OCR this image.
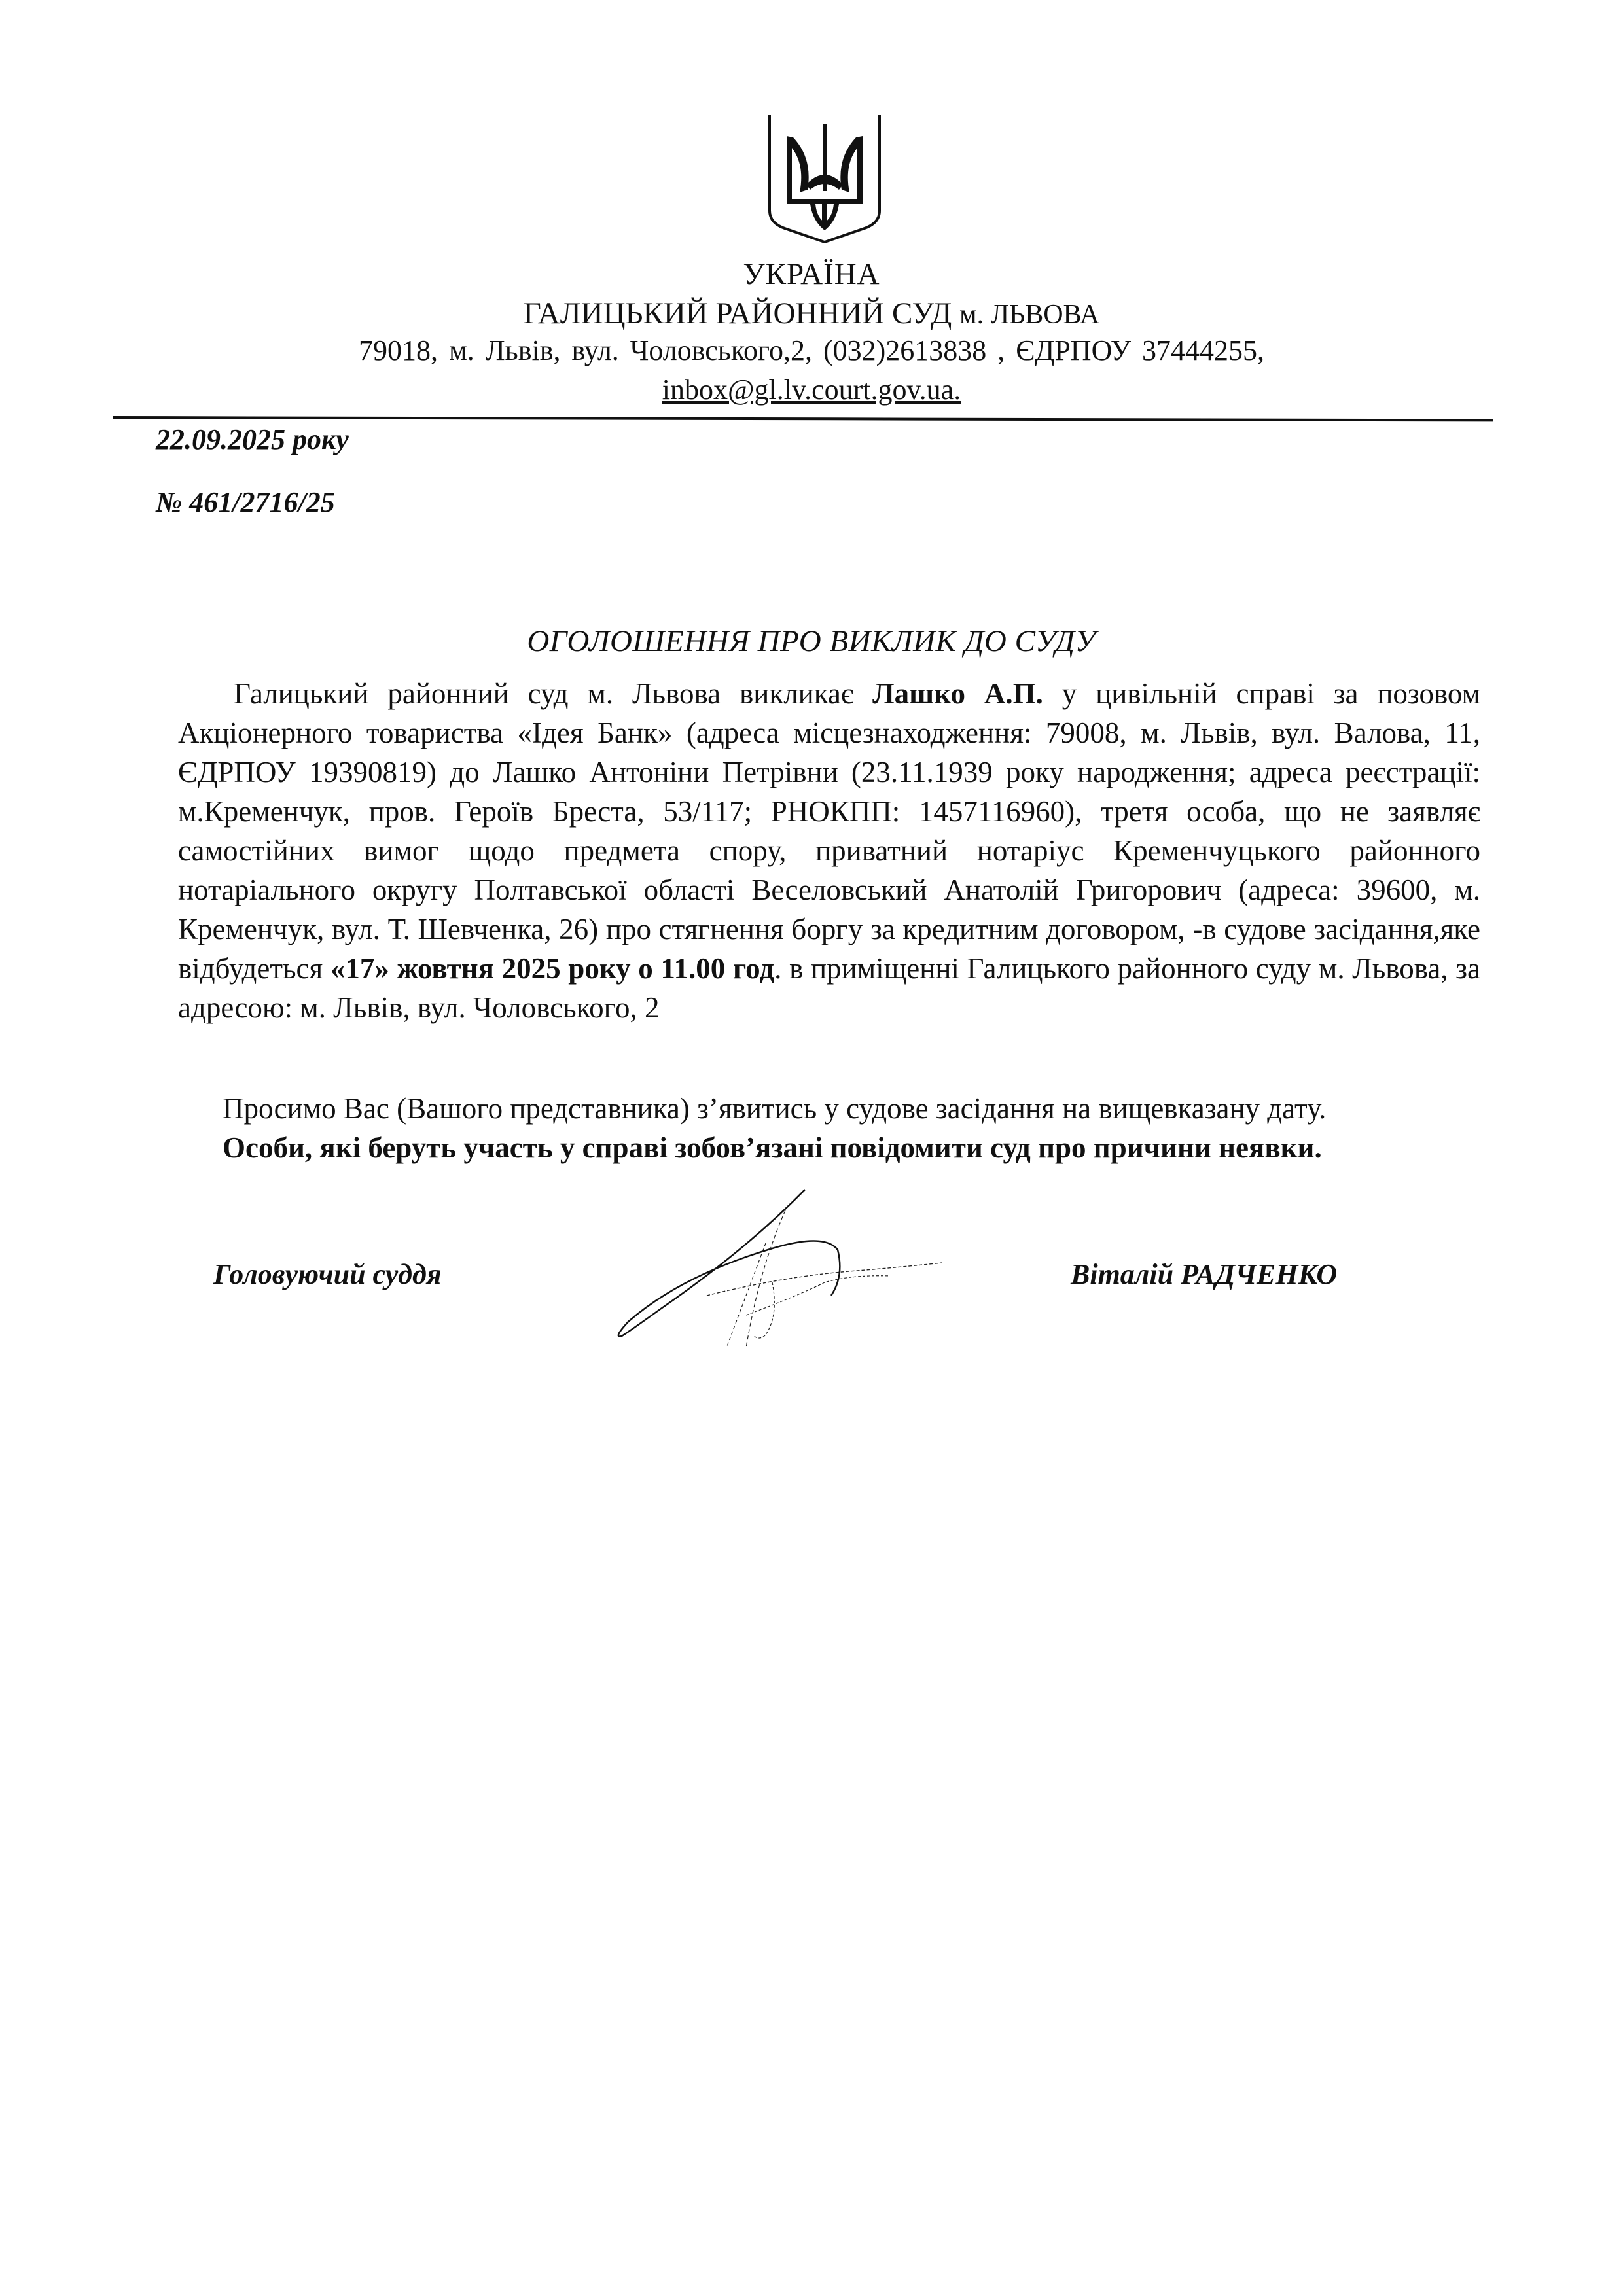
УКРАЇНА
ГАЛИЦЬКИЙ РАЙОННИЙ СУД м. ЛЬВОВА
79018, м. Львів, вул. Чоловського,2, (032)2613838 , ЄДРПОУ 37444255,
inbox@gl.lv.court.gov.ua.
22.09.2025 року
№ 461/2716/25
ОГОЛОШЕННЯ ПРО ВИКЛИК ДО СУДУ

Галицький районний суд м. Львова викликає Лашко А.П. у цивільній справі за позовом Акціонерного товариства «Ідея Банк» (адреса місцезнаходження: 79008, м. Львів, вул. Валова, 11, ЄДРПОУ 19390819) до Лашко Антоніни Петрівни (23.11.1939 року народження; адреса реєстрації: м.Кременчук, пров. Героїв Бреста, 53/117; РНОКПП: 1457116960), третя особа, що не заявляє самостійних вимог щодо предмета спору, приватний нотаріус Кременчуцького районного нотаріального округу Полтавської області Веселовський Анатолій Григорович (адреса: 39600, м. Кременчук, вул. Т. Шевченка, 26) про стягнення боргу за кредитним договором, -в судове засідання,яке відбудеться «17» жовтня 2025 року о 11.00 год. в приміщенні Галицького районного суду м. Львова, за адресою: м. Львів, вул. Чоловського, 2

Просимо Вас (Вашого представника) з’явитись у судове засідання на вищевказану дату.
Особи, які беруть участь у справі зобов’язані повідомити суд про причини неявки.
Головуючий суддя	Віталій РАДЧЕНКО
